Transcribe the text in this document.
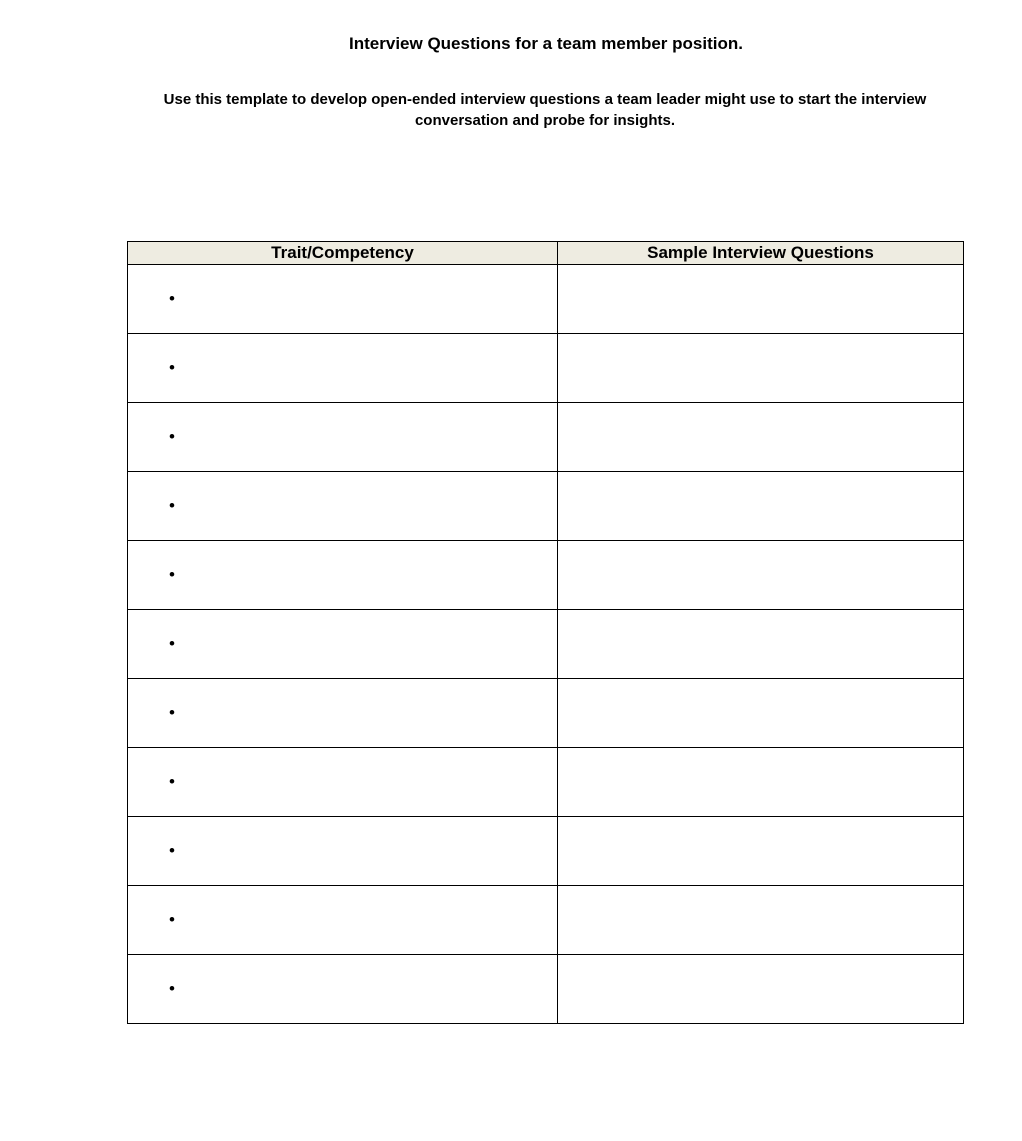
Interview Questions for a team member position.

Use this template to develop open-ended interview questions a team leader might use to start the interview conversation and probe for insights.

Trait/Competency	Sample Interview Questions
•	
•	
•	
•	
•	
•	
•	
•	
•	
•	
•	
